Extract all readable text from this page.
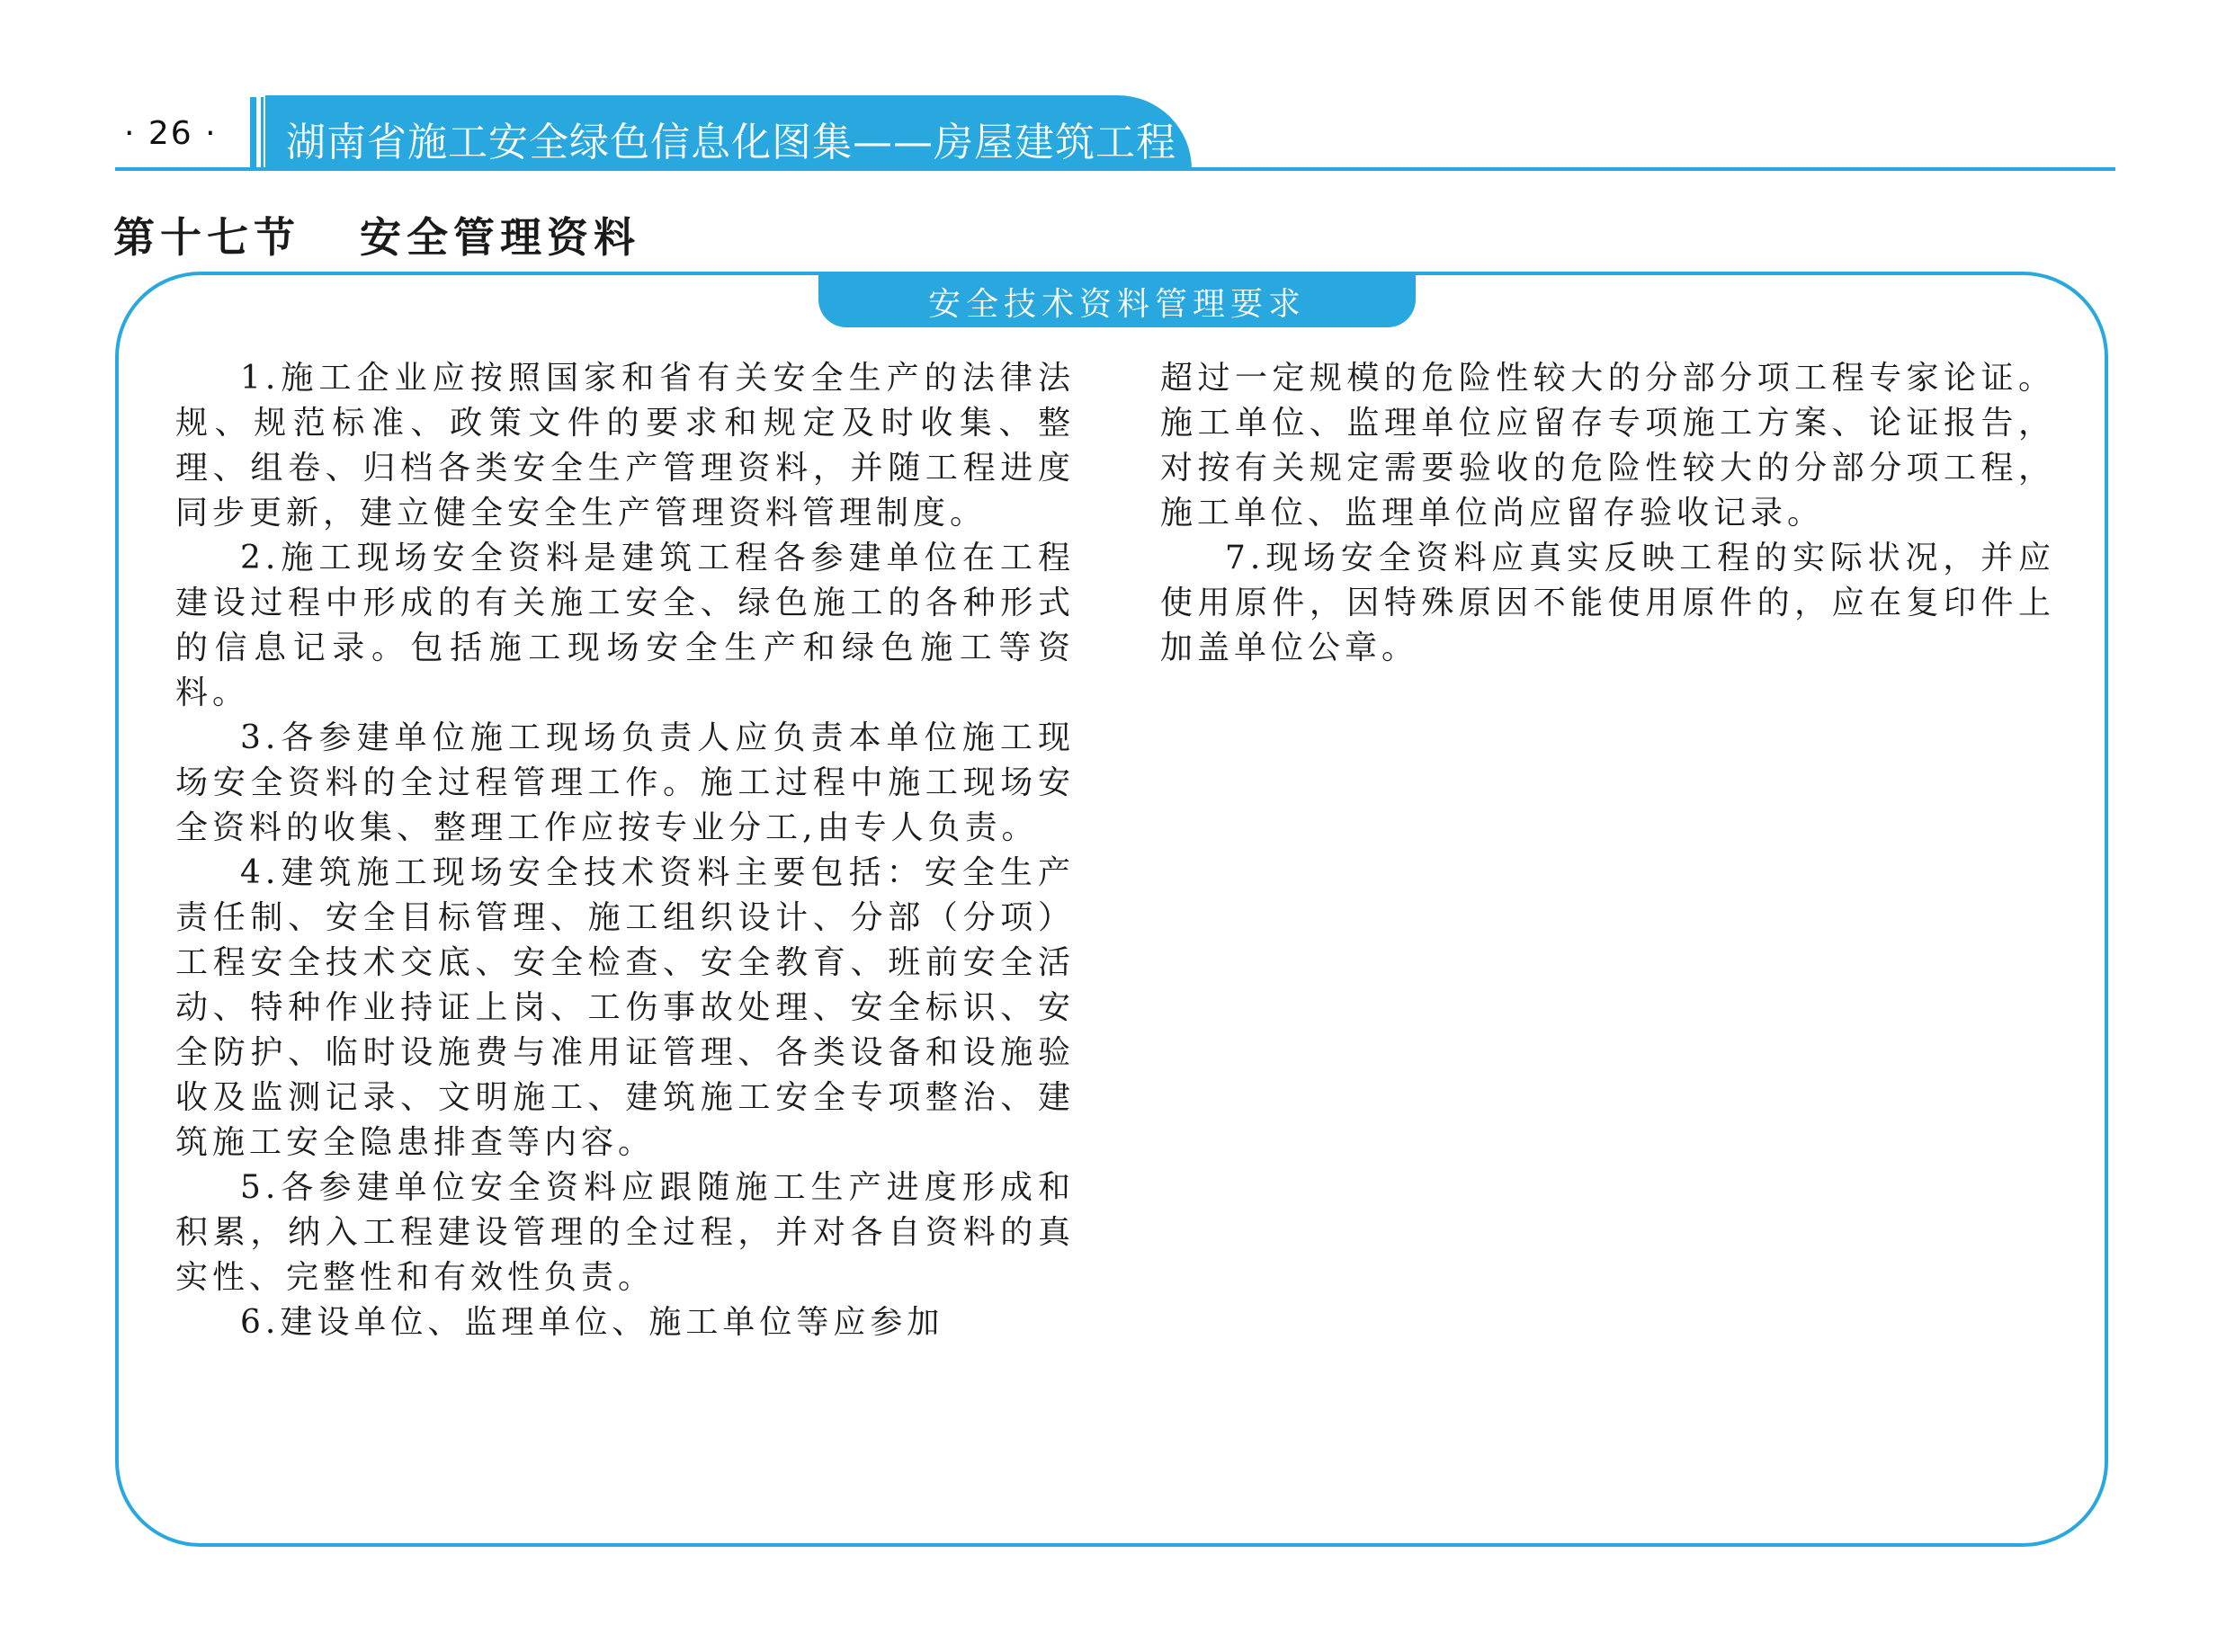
· 26 · 湖南省施工安全绿色信息化图集——房屋建筑工程
第十七节   安全管理资料
安全技术资料管理要求

1.施工企业应按照国家和省有关安全生产的法律法规、规范标准、政策文件的要求和规定及时收集、整理、组卷、归档各类安全生产管理资料，并随工程进度同步更新，建立健全安全生产管理资料管理制度。

2.施工现场安全资料是建筑工程各参建单位在工程建设过程中形成的有关施工安全、绿色施工的各种形式的信息记录。包括施工现场安全生产和绿色施工等资料。

3.各参建单位施工现场负责人应负责本单位施工现场安全资料的全过程管理工作。施工过程中施工现场安全资料的收集、整理工作应按专业分工,由专人负责。

4.建筑施工现场安全技术资料主要包括：安全生产责任制、安全目标管理、施工组织设计、分部（分项）工程安全技术交底、安全检查、安全教育、班前安全活动、特种作业持证上岗、工伤事故处理、安全标识、安全防护、临时设施费与准用证管理、各类设备和设施验收及监测记录、文明施工、建筑施工安全专项整治、建筑施工安全隐患排查等内容。

5.各参建单位安全资料应跟随施工生产进度形成和积累，纳入工程建设管理的全过程，并对各自资料的真实性、完整性和有效性负责。

6.建设单位、监理单位、施工单位等应参加

超过一定规模的危险性较大的分部分项工程专家论证。施工单位、监理单位应留存专项施工方案、论证报告，对按有关规定需要验收的危险性较大的分部分项工程，施工单位、监理单位尚应留存验收记录。

7.现场安全资料应真实反映工程的实际状况，并应使用原件，因特殊原因不能使用原件的，应在复印件上加盖单位公章。
